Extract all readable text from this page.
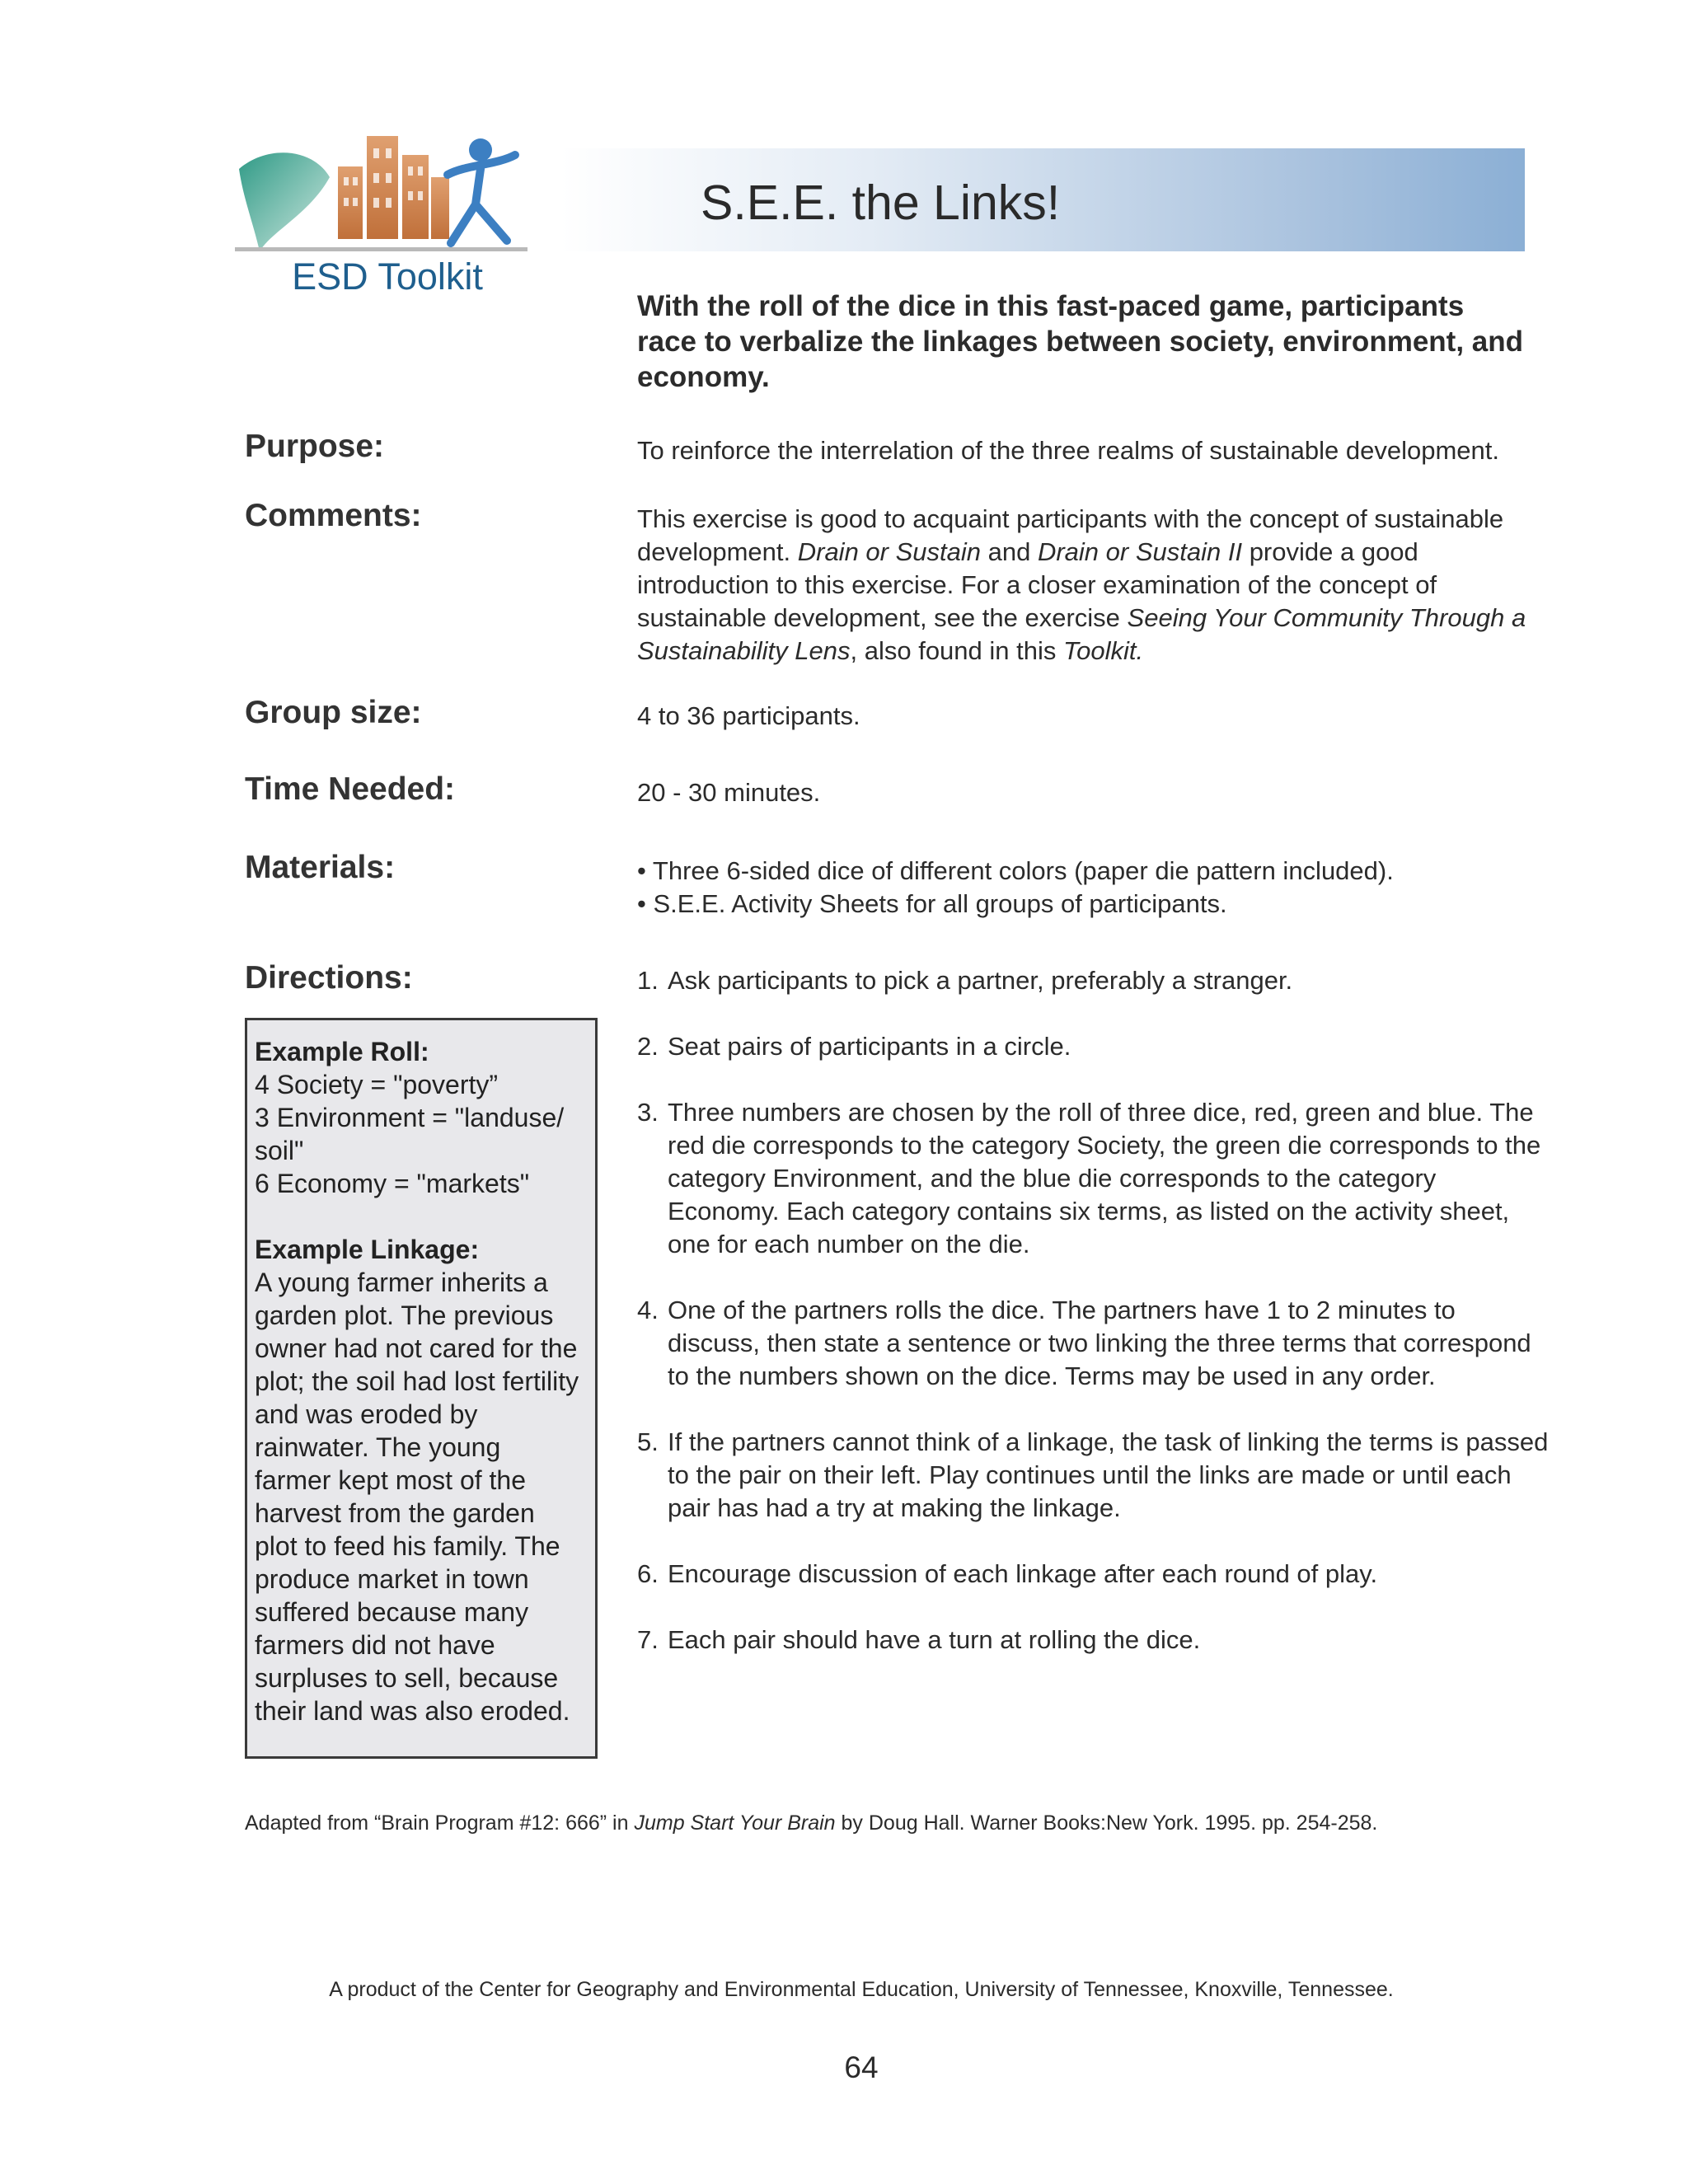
ESD Toolkit
S.E.E. the Links!
With the roll of the dice in this fast-paced game, participants race to verbalize the linkages between society, environment, and economy.
Purpose:	To reinforce the interrelation of the three realms of sustainable development.
Comments:	This exercise is good to acquaint participants with the concept of sustainable development. Drain or Sustain and Drain or Sustain II provide a good introduction to this exercise. For a closer examination of the concept of sustainable development, see the exercise Seeing Your Community Through a Sustainability Lens, also found in this Toolkit.
Group size:	4 to 36 participants.
Time Needed:	20 - 30 minutes.
Materials:	• Three 6-sided dice of different colors (paper die pattern included).

• S.E.E. Activity Sheets for all groups of participants.

Directions:	1. Ask participants to pick a partner, preferably a stranger.
2. Seat pairs of participants in a circle.
3. Three numbers are chosen by the roll of three dice, red, green and blue. The red die corresponds to the category Society, the green die corresponds to the category Environment, and the blue die corresponds to the category Economy. Each category contains six terms, as listed on the activity sheet, one for each number on the die.
4. One of the partners rolls the dice. The partners have 1 to 2 minutes to discuss, then state a sentence or two linking the three terms that correspond to the numbers shown on the dice. Terms may be used in any order.
5. If the partners cannot think of a linkage, the task of linking the terms is passed to the pair on their left. Play continues until the links are made or until each pair has had a try at making the linkage.
6. Encourage discussion of each linkage after each round of play.
7. Each pair should have a turn at rolling the dice.
Example Roll:
4 Society = "poverty”
3 Environment = "landuse/
soil"
6 Economy = "markets"
Example Linkage:
A young farmer inherits a
garden plot. The previous
owner had not cared for the
plot; the soil had lost fertility
and was eroded by
rainwater. The young
farmer kept most of the
harvest from the garden
plot to feed his family. The
produce market in town
suffered because many
farmers did not have
surpluses to sell, because
their land was also eroded.
Adapted from “Brain Program #12: 666” in Jump Start Your Brain by Doug Hall. Warner Books:New York. 1995. pp. 254-258.
A product of the Center for Geography and Environmental Education, University of Tennessee, Knoxville, Tennessee.
64
